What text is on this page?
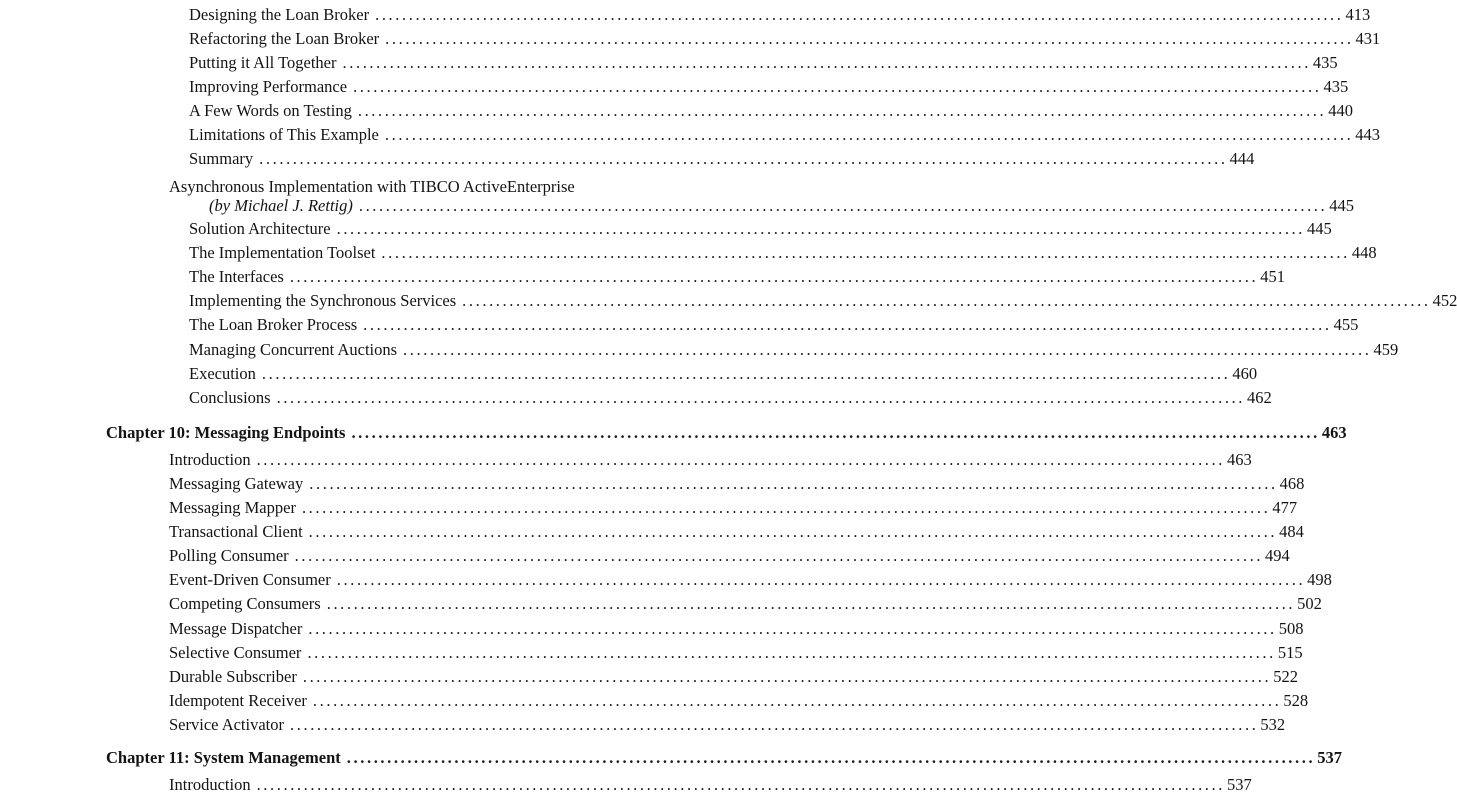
Designing the Loan Broker ................................................................................................................................................ 413
Refactoring the Loan Broker ................................................................................................................................................ 431
Putting it All Together ................................................................................................................................................ 435
Improving Performance ................................................................................................................................................ 435
A Few Words on Testing ................................................................................................................................................ 440
Limitations of This Example ................................................................................................................................................ 443
Summary ................................................................................................................................................ 444
Asynchronous Implementation with TIBCO ActiveEnterprise
(by Michael J. Rettig) ................................................................................................................................................ 445
Solution Architecture ................................................................................................................................................ 445
The Implementation Toolset ................................................................................................................................................ 448
The Interfaces ................................................................................................................................................ 451
Implementing the Synchronous Services ................................................................................................................................................ 452
The Loan Broker Process ................................................................................................................................................ 455
Managing Concurrent Auctions ................................................................................................................................................ 459
Execution ................................................................................................................................................ 460
Conclusions ................................................................................................................................................ 462
Chapter 10: Messaging Endpoints ................................................................................................................................................ 463
Introduction ................................................................................................................................................ 463
Messaging Gateway ................................................................................................................................................ 468
Messaging Mapper ................................................................................................................................................ 477
Transactional Client ................................................................................................................................................ 484
Polling Consumer ................................................................................................................................................ 494
Event-Driven Consumer ................................................................................................................................................ 498
Competing Consumers ................................................................................................................................................ 502
Message Dispatcher ................................................................................................................................................ 508
Selective Consumer ................................................................................................................................................ 515
Durable Subscriber ................................................................................................................................................ 522
Idempotent Receiver ................................................................................................................................................ 528
Service Activator ................................................................................................................................................ 532
Chapter 11: System Management ................................................................................................................................................ 537
Introduction ................................................................................................................................................ 537
